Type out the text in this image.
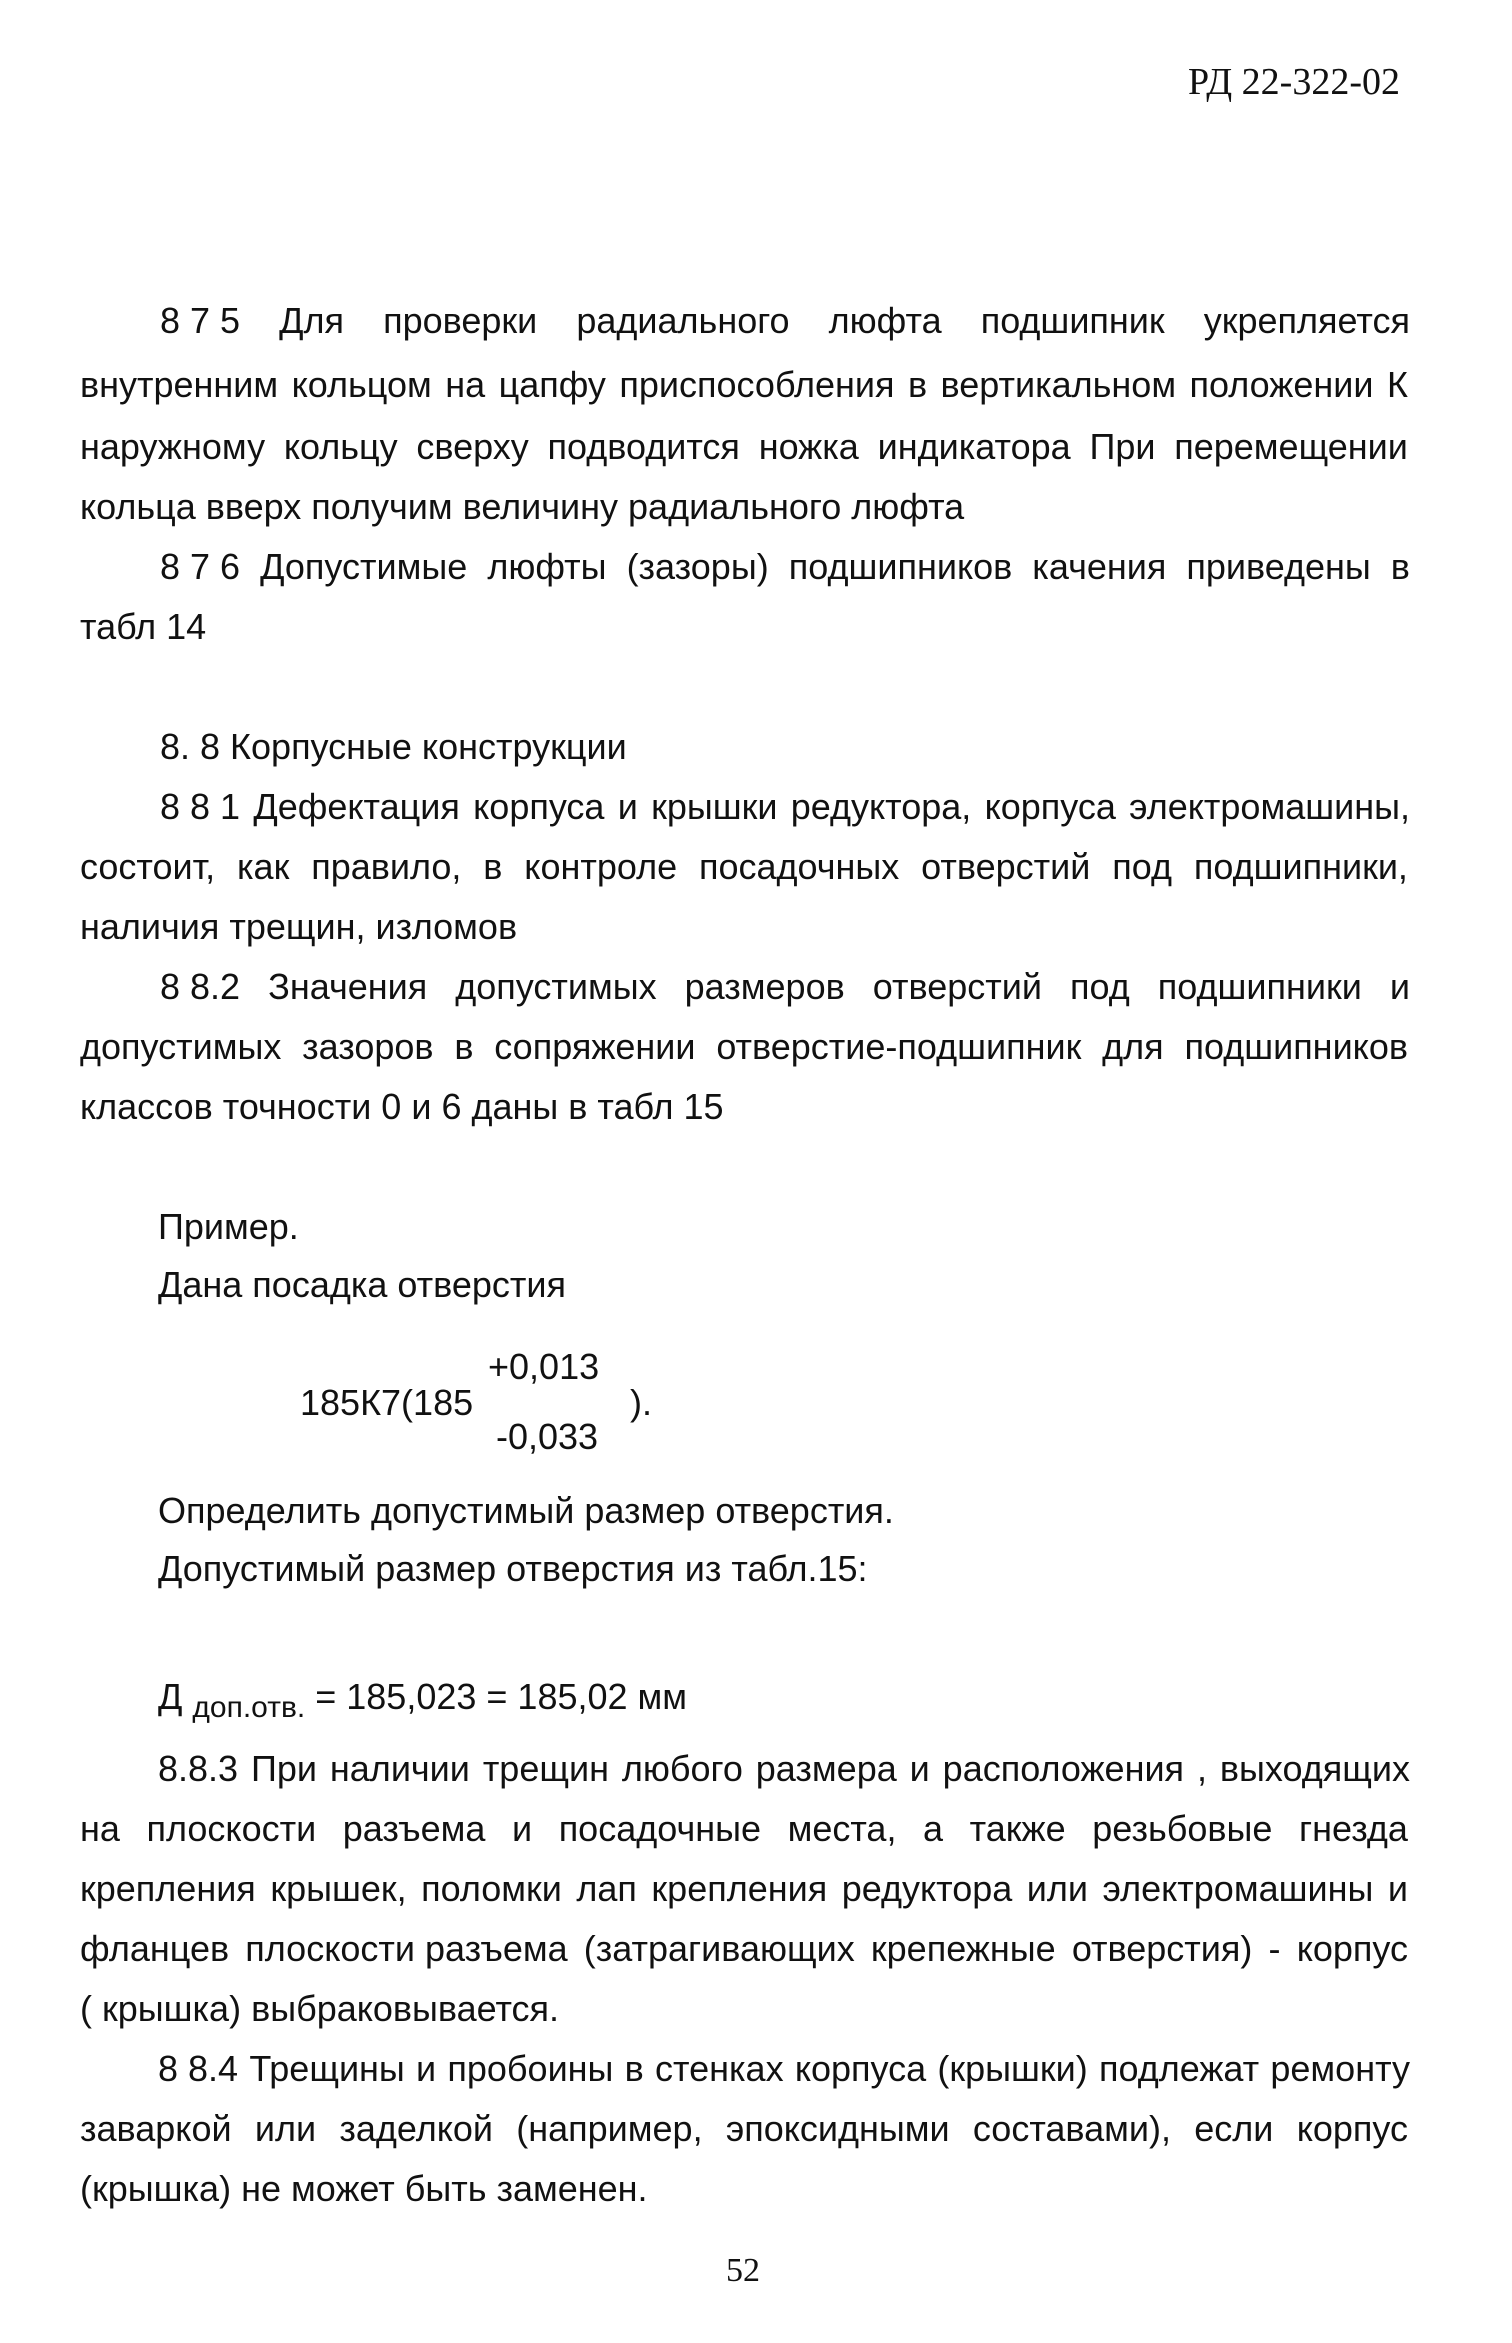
РД 22-322-02
8 7 5 Для проверки радиального люфта подшипник укрепляется
внутренним кольцом на цапфу приспособления в вертикальном положении К
наружному кольцу сверху подводится ножка индикатора При перемещении
кольца вверх получим величину радиального люфта
8 7 6 Допустимые люфты (зазоры) подшипников качения приведены в
табл 14
8. 8 Корпусные конструкции
8 8 1 Дефектация корпуса и крышки редуктора, корпуса электромашины,
состоит, как правило, в контроле посадочных отверстий под подшипники,
наличия трещин, изломов
8 8.2 Значения допустимых размеров отверстий под подшипники и
допустимых зазоров в сопряжении отверстие-подшипник для подшипников
классов точности 0 и 6 даны в табл 15
Пример.
Дана посадка отверстия
+0,013
185К7(185	).
-0,033
Определить допустимый размер отверстия.
Допустимый размер отверстия из табл.15:
Д $_{доп.отв.}$ = 185,023 = 185,02 мм
8.8.3 При наличии трещин любого размера и расположения , выходящих
на плоскости разъема и посадочные места, а также резьбовые гнезда
крепления крышек, поломки лап крепления редуктора или электромашины и
фланцев плоскости разъема (затрагивающих крепежные отверстия) - корпус
( крышка) выбраковывается.
8 8.4 Трещины и пробоины в стенках корпуса (крышки) подлежат ремонту
заваркой или заделкой (например, эпоксидными составами), если корпус
(крышка) не может быть заменен.
52
